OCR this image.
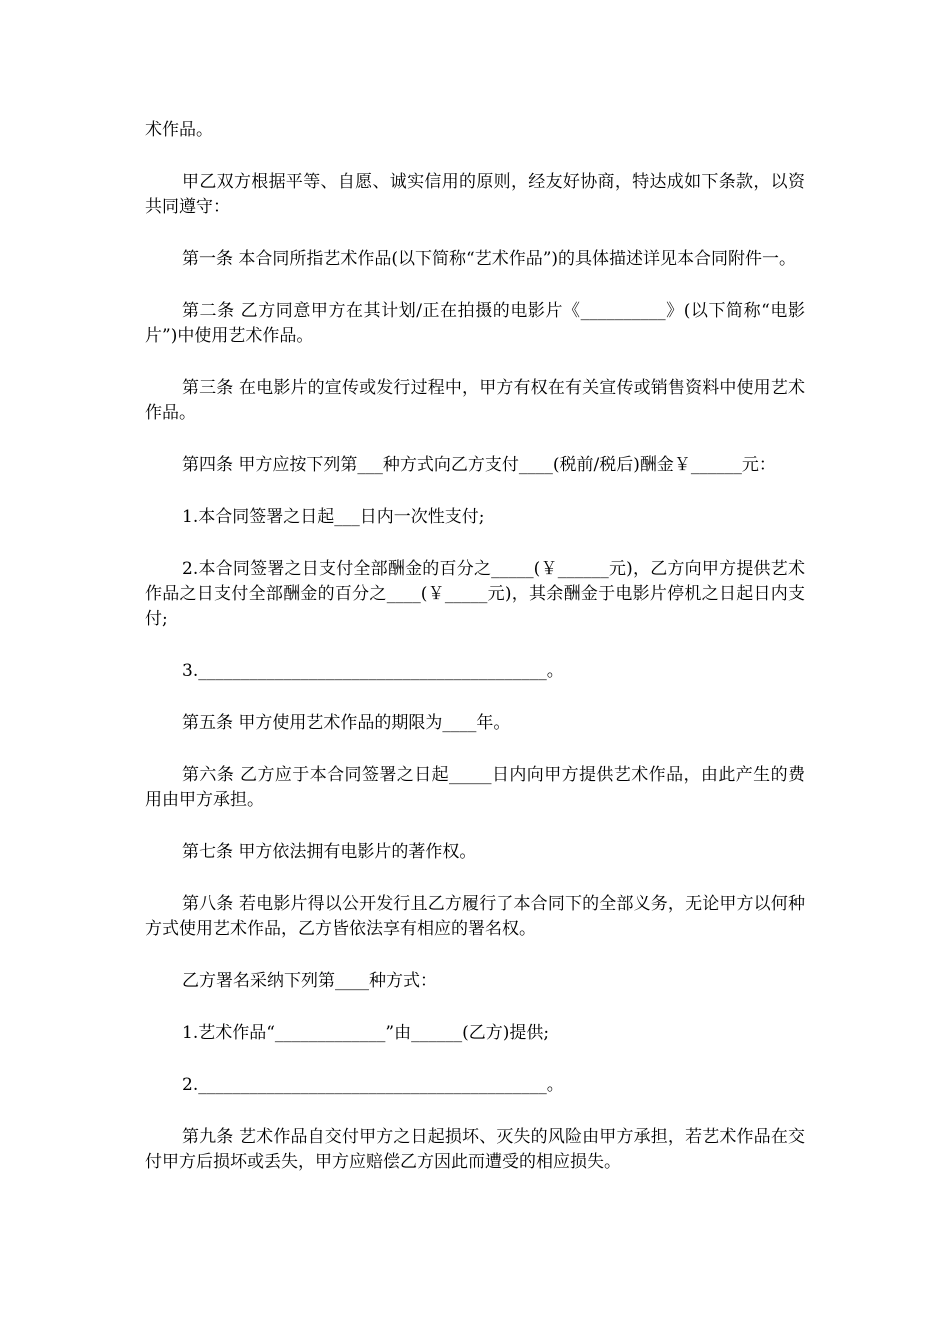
术作品。

甲乙双方根据平等、自愿、诚实信用的原则，经友好协商，特达成如下条款，以资共同遵守：

第一条 本合同所指艺术作品(以下简称“艺术作品”)的具体描述详见本合同附件一。

第二条 乙方同意甲方在其计划/正在拍摄的电影片《__________》(以下简称“电影片”)中使用艺术作品。

第三条 在电影片的宣传或发行过程中，甲方有权在有关宣传或销售资料中使用艺术作品。

第四条 甲方应按下列第___种方式向乙方支付____(税前/税后)酬金￥______元：

1.本合同签署之日起___日内一次性支付;

2.本合同签署之日支付全部酬金的百分之_____(￥______元)，乙方向甲方提供艺术作品之日支付全部酬金的百分之____(￥_____元)，其余酬金于电影片停机之日起日内支付;

3._________________________________________。

第五条 甲方使用艺术作品的期限为____年。

第六条 乙方应于本合同签署之日起_____日内向甲方提供艺术作品，由此产生的费用由甲方承担。

第七条 甲方依法拥有电影片的著作权。

第八条 若电影片得以公开发行且乙方履行了本合同下的全部义务，无论甲方以何种方式使用艺术作品，乙方皆依法享有相应的署名权。

乙方署名采纳下列第____种方式：

1.艺术作品“_____________”由______(乙方)提供;

2._________________________________________。

第九条 艺术作品自交付甲方之日起损坏、灭失的风险由甲方承担，若艺术作品在交付甲方后损坏或丢失，甲方应赔偿乙方因此而遭受的相应损失。
